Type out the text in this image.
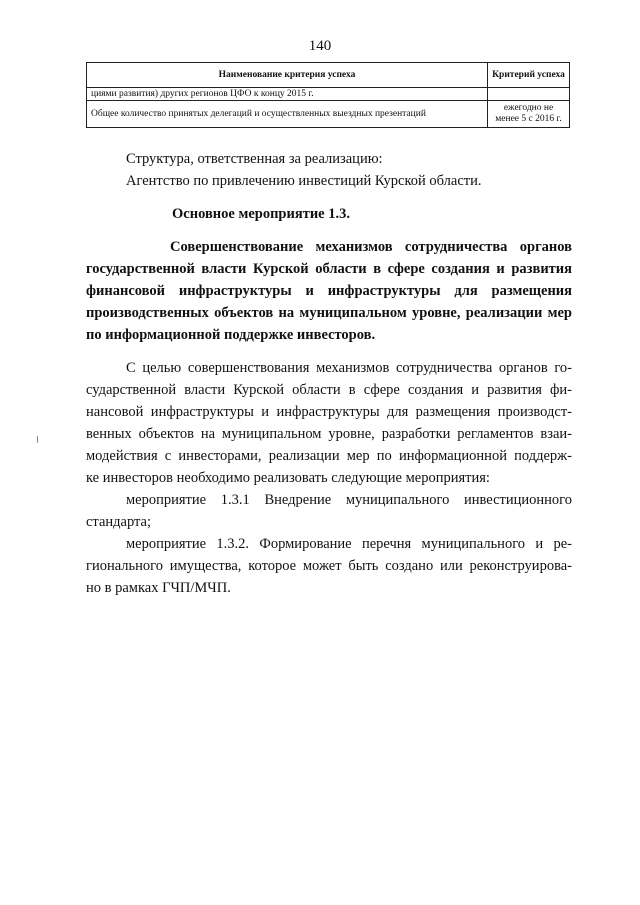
140
Наименование критерия успеха	Критерий успеха
циями развития) других регионов ЦФО к концу 2015 г.	
Общее количество принятых делегаций и осуществленных выездных презентаций	ежегодно не менее 5 с 2016 г.
Структура, ответственная за реализацию:
Агентство по привлечению инвестиций Курской области.
Основное мероприятие 1.3.
Совершенствование механизмов сотрудничества органов государственной власти Курской области в сфере создания и развития финансовой инфраструктуры и инфраструктуры для размещения производственных объектов на муниципальном уровне, реализации мер по информационной поддержке инвесторов.
С целью совершенствования механизмов сотрудничества органов го-
сударственной власти Курской области в сфере создания и развития фи-
нансовой инфраструктуры и инфраструктуры для размещения производст-
венных объектов на муниципальном уровне, разработки регламентов взаи-
модействия с инвесторами, реализации мер по информационной поддерж-
ке инвесторов необходимо реализовать следующие мероприятия:
мероприятие 1.3.1 Внедрение муниципального инвестиционного
стандарта;
мероприятие 1.3.2. Формирование перечня муниципального и ре-
гионального имущества, которое может быть создано или реконструирова-
но в рамках ГЧП/МЧП.
